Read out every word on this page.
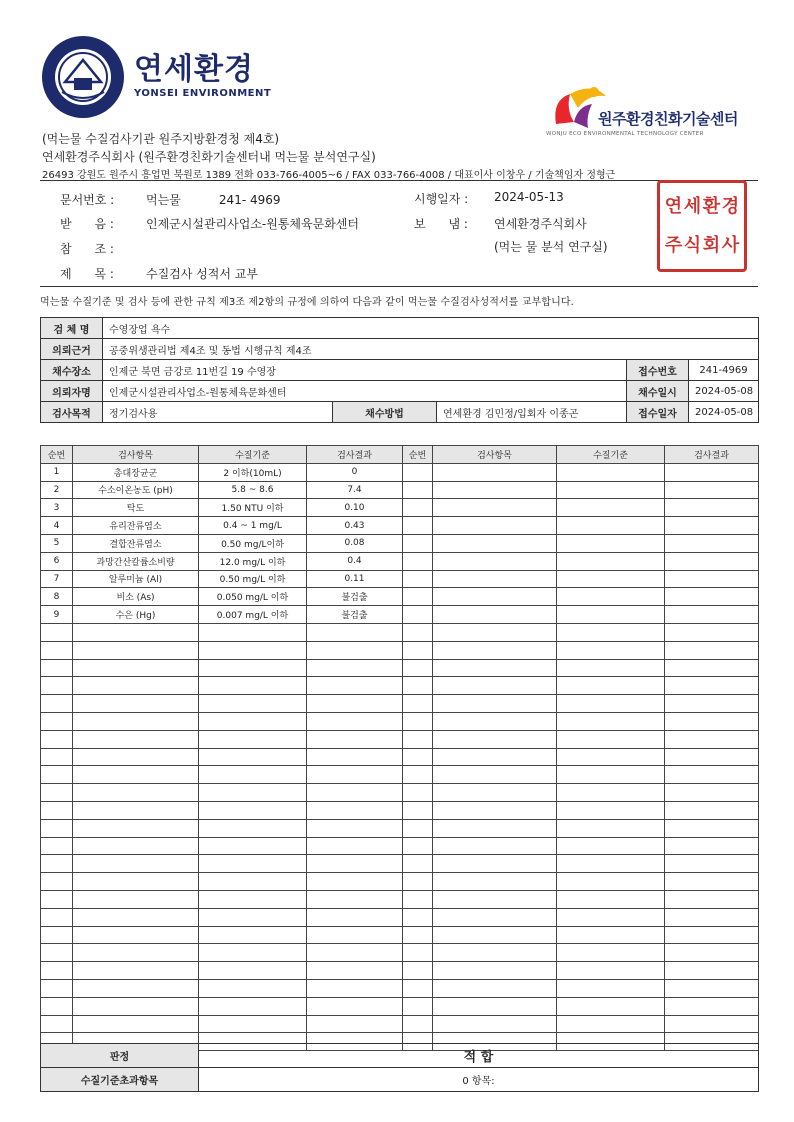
연세환경
YONSEI ENVIRONMENT
원주환경친화기술센터
WONJU ECO ENVIRONMENTAL TECHNOLOGY CENTER
(먹는물 수질검사기관 원주지방환경청 제4호)
연세환경주식회사 (원주환경친화기술센터내 먹는물 분석연구실)
26493 강원도 원주시 흥업면 북원로 1389 전화 033-766-4005~6 / FAX 033-766-4008 / 대표이사 이창우 / 기술책임자 정형근
문서번호 :	먹는물          241- 4969	시행일자 : 2024-05-13
받      음 :	인제군시설관리사업소-원통체육문화센터	보      냄 : 연세환경주식회사
참      조 :	(먹는 물 분석 연구실)
제      목 :	수질검사 성적서 교부
연 세 환 경
주 식 회 사
먹는물 수질기준 및 검사 등에 관한 규칙 제3조 제2항의 규정에 의하여 다음과 같이 먹는물 수질검사성적서를 교부합니다.
검 체 명	수영장업 욕수				
의뢰근거	공중위생관리법 제4조 및 동법 시행규칙 제4조				
채수장소	인제군 북면 금강로 11번길 19 수영장			접수번호	241-4969
의뢰자명	인제군시설관리사업소-원통체육문화센터			채수일시	2024-05-08
검사목적	정기검사용	채수방법	연세환경 김민정/입회자 이종곤	접수일자	2024-05-08
순번	검사항목	수질기준	검사결과	순번	검사항목	수질기준	검사결과
1	총대장균군	2 이하(10mL)	0				
2	수소이온농도 (pH)	5.8 ~ 8.6	7.4				
3	탁도	1.50 NTU 이하	0.10				
4	유리잔류염소	0.4 ~ 1 mg/L	0.43				
5	결합잔류염소	0.50 mg/L이하	0.08				
6	과망간산칼륨소비량	12.0 mg/L 이하	0.4				
7	알루미늄 (Al)	0.50 mg/L 이하	0.11				
8	비소 (As)	0.050 mg/L 이하	불검출				
9	수은 (Hg)	0.007 mg/L 이하	불검출				

판정	적 합
수질기준초과항목	0 항목:
